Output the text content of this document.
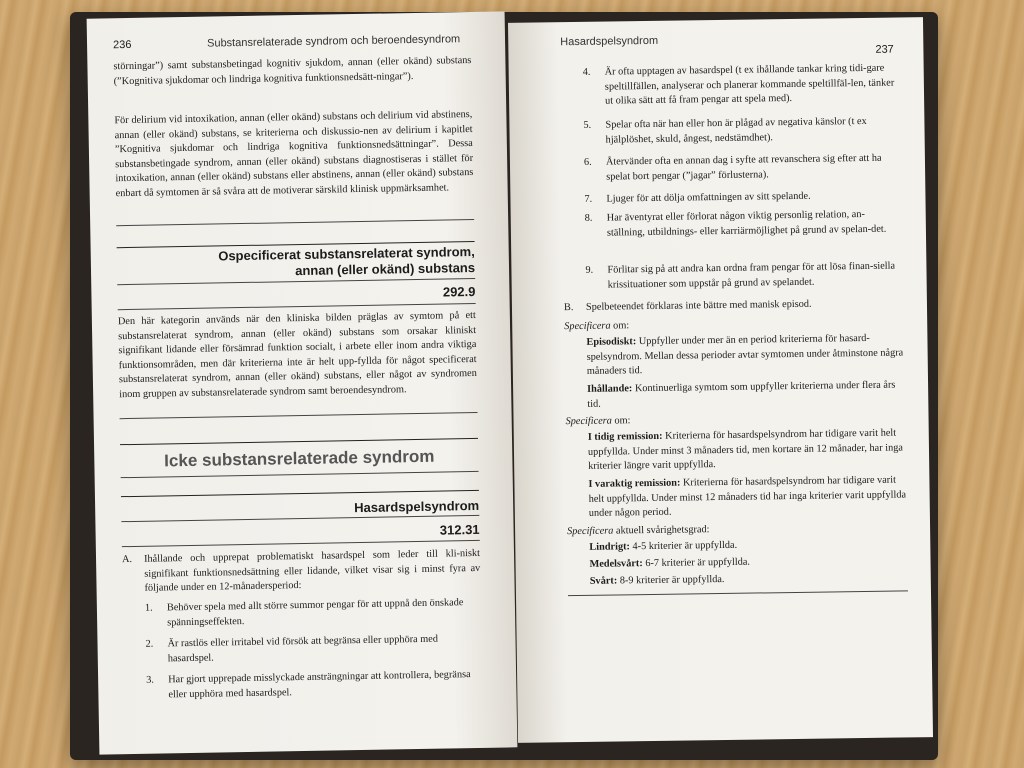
236	Substansrelaterade syndrom och beroendesyndrom
störningar”) samt substansbetingad kognitiv sjukdom, annan (eller okänd) substans (”Kognitiva sjukdomar och lindriga kognitiva funktionsnedsätt-ningar”).
För delirium vid intoxikation, annan (eller okänd) substans och delirium vid abstinens, annan (eller okänd) substans, se kriterierna och diskussio-nen av delirium i kapitlet ”Kognitiva sjukdomar och lindriga kognitiva funktionsnedsättningar”. Dessa substansbetingade syndrom, annan (eller okänd) substans diagnostiseras i stället för intoxikation, annan (eller okänd) substans eller abstinens, annan (eller okänd) substans enbart då symtomen är så svåra att de motiverar särskild klinisk uppmärksamhet.
Ospecificerat substansrelaterat syndrom,
annan (eller okänd) substans
292.9
Den här kategorin används när den kliniska bilden präglas av symtom på ett substansrelaterat syndrom, annan (eller okänd) substans som orsakar kliniskt signifikant lidande eller försämrad funktion socialt, i arbete eller inom andra viktiga funktionsområden, men där kriterierna inte är helt upp-fyllda för något specificerat substansrelaterat syndrom, annan (eller okänd) substans, eller något av syndromen inom gruppen av substansrelaterade syndrom samt beroendesyndrom.
Icke substansrelaterade syndrom
Hasardspelsyndrom
312.31
A. Ihållande och upprepat problematiskt hasardspel som leder till kli-niskt signifikant funktionsnedsättning eller lidande, vilket visar sig i minst fyra av följande under en 12-månadersperiod:
1. Behöver spela med allt större summor pengar för att uppnå den önskade spänningseffekten.
2. Är rastlös eller irritabel vid försök att begränsa eller upphöra med hasardspel.
3. Har gjort upprepade misslyckade ansträngningar att kontrollera, begränsa eller upphöra med hasardspel.
Hasardspelsyndrom
237
4. Är ofta upptagen av hasardspel (t ex ihållande tankar kring tidi-gare speltillfällen, analyserar och planerar kommande speltillfäl-len, tänker ut olika sätt att få fram pengar att spela med).
5. Spelar ofta när han eller hon är plågad av negativa känslor (t ex hjälplöshet, skuld, ångest, nedstämdhet).
6. Återvänder ofta en annan dag i syfte att revanschera sig efter att ha spelat bort pengar (”jagar” förlusterna).
7. Ljuger för att dölja omfattningen av sitt spelande.
8. Har äventyrat eller förlorat någon viktig personlig relation, an-ställning, utbildnings- eller karriärmöjlighet på grund av spelan-det.
9. Förlitar sig på att andra kan ordna fram pengar för att lösa finan-siella krissituationer som uppstår på grund av spelandet.
B. Spelbeteendet förklaras inte bättre med manisk episod.
Specificera om:
Episodiskt: Uppfyller under mer än en period kriterierna för hasard-spelsyndrom. Mellan dessa perioder avtar symtomen under åtminstone några månaders tid.
Ihållande: Kontinuerliga symtom som uppfyller kriterierna under flera års tid.
Specificera om:
I tidig remission: Kriterierna för hasardspelsyndrom har tidigare varit helt uppfyllda. Under minst 3 månaders tid, men kortare än 12 månader, har inga kriterier längre varit uppfyllda.
I varaktig remission: Kriterierna för hasardspelsyndrom har tidigare varit helt uppfyllda. Under minst 12 månaders tid har inga kriterier varit uppfyllda under någon period.
Specificera aktuell svårighetsgrad:
Lindrigt: 4-5 kriterier är uppfyllda.
Medelsvårt: 6-7 kriterier är uppfyllda.
Svårt: 8-9 kriterier är uppfyllda.
